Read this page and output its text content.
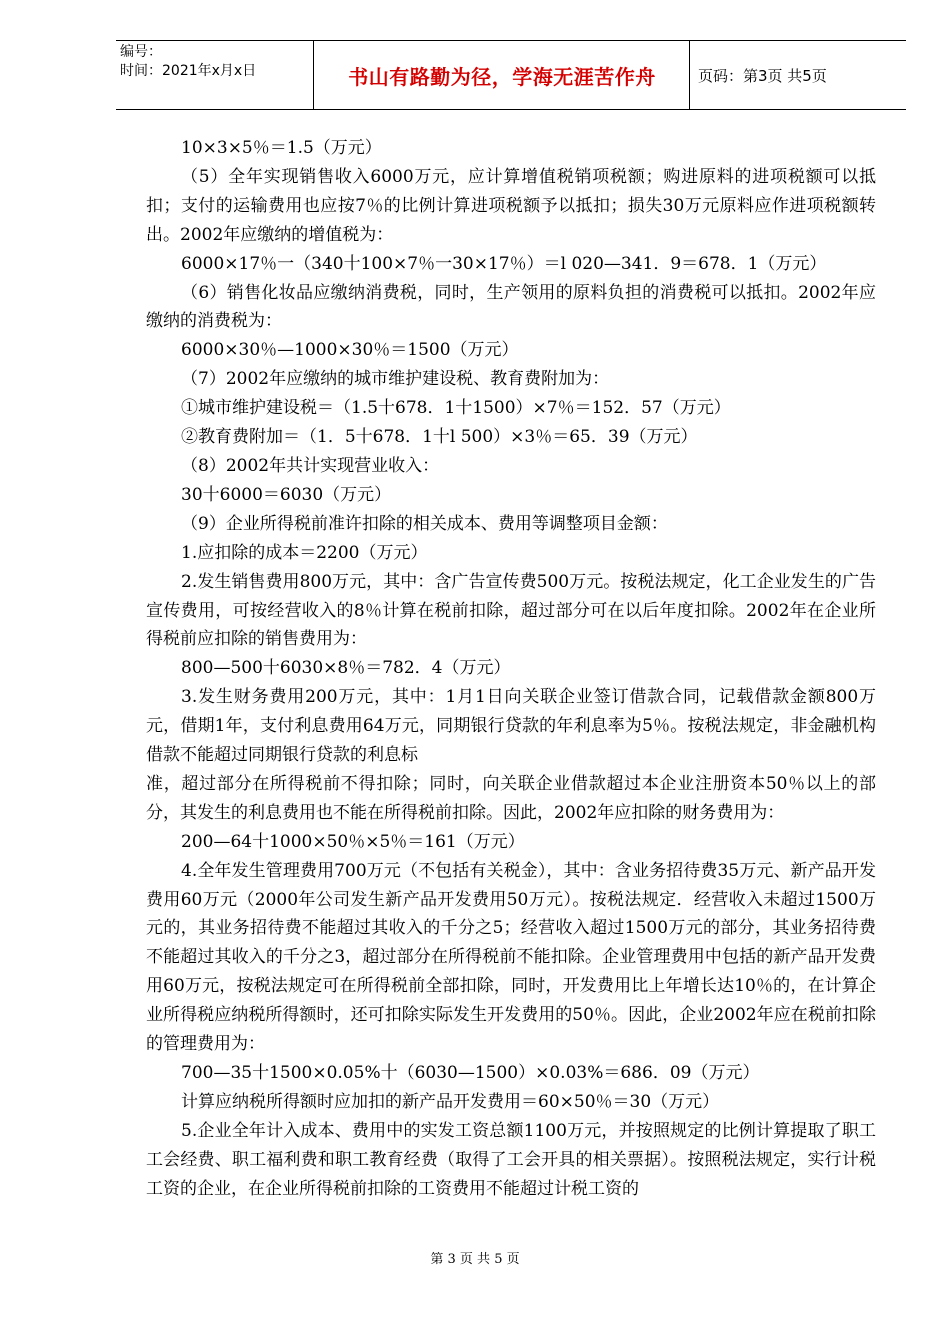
编号：
时间：2021年x月x日	书山有路勤为径，学海无涯苦作舟	页码：第3页 共5页

10×3×5％＝1.5（万元）

（5）全年实现销售收入6000万元，应计算增值税销项税额；购进原料的进项税额可以抵扣；支付的运输费用也应按7％的比例计算进项税额予以抵扣；损失30万元原料应作进项税额转出。2002年应缴纳的增值税为：

6000×17％一（340十100×7％一30×17％）＝l 020—341．9＝678．1（万元）

（6）销售化妆品应缴纳消费税，同时，生产领用的原料负担的消费税可以抵扣。2002年应缴纳的消费税为：

6000×30％—1000×30％＝1500（万元）

（7）2002年应缴纳的城市维护建设税、教育费附加为：

①城市维护建设税＝（1.5十678．1十1500）×7％＝152．57（万元）

②教育费附加＝（1．5十678．1十l 500）×3％＝65．39（万元）

（8）2002年共计实现营业收入：

30十6000＝6030（万元）

（9）企业所得税前准许扣除的相关成本、费用等调整项目金额：

1.应扣除的成本＝2200（万元）

2.发生销售费用800万元，其中：含广告宣传费500万元。按税法规定，化工企业发生的广告宣传费用，可按经营收入的8％计算在税前扣除，超过部分可在以后年度扣除。2002年在企业所得税前应扣除的销售费用为：

800—500十6030×8％＝782．4（万元）

3.发生财务费用200万元，其中：1月1日向关联企业签订借款合同，记载借款金额800万元，借期1年，支付利息费用64万元，同期银行贷款的年利息率为5％。按税法规定，非金融机构借款不能超过同期银行贷款的利息标

准，超过部分在所得税前不得扣除；同时，向关联企业借款超过本企业注册资本50％以上的部分，其发生的利息费用也不能在所得税前扣除。因此，2002年应扣除的财务费用为：

200—64十1000×50％×5％＝161（万元）

4.全年发生管理费用700万元（不包括有关税金），其中：含业务招待费35万元、新产品开发费用60万元（2000年公司发生新产品开发费用50万元）。按税法规定．经营收入未超过1500万元的，其业务招待费不能超过其收入的千分之5；经营收入超过1500万元的部分，其业务招待费不能超过其收入的千分之3，超过部分在所得税前不能扣除。企业管理费用中包括的新产品开发费用60万元，按税法规定可在所得税前全部扣除，同时，开发费用比上年增长达10％的，在计算企业所得税应纳税所得额时，还可扣除实际发生开发费用的50％。因此，企业2002年应在税前扣除的管理费用为：

700—35十1500×0.05%十（6030—1500）×0.03%＝686．09（万元）

计算应纳税所得额时应加扣的新产品开发费用＝60×50％＝30（万元）

5.企业全年计入成本、费用中的实发工资总额1100万元，并按照规定的比例计算提取了职工工会经费、职工福利费和职工教育经费（取得了工会开具的相关票据）。按照税法规定，实行计税工资的企业，在企业所得税前扣除的工资费用不能超过计税工资的

第 3 页 共 5 页
